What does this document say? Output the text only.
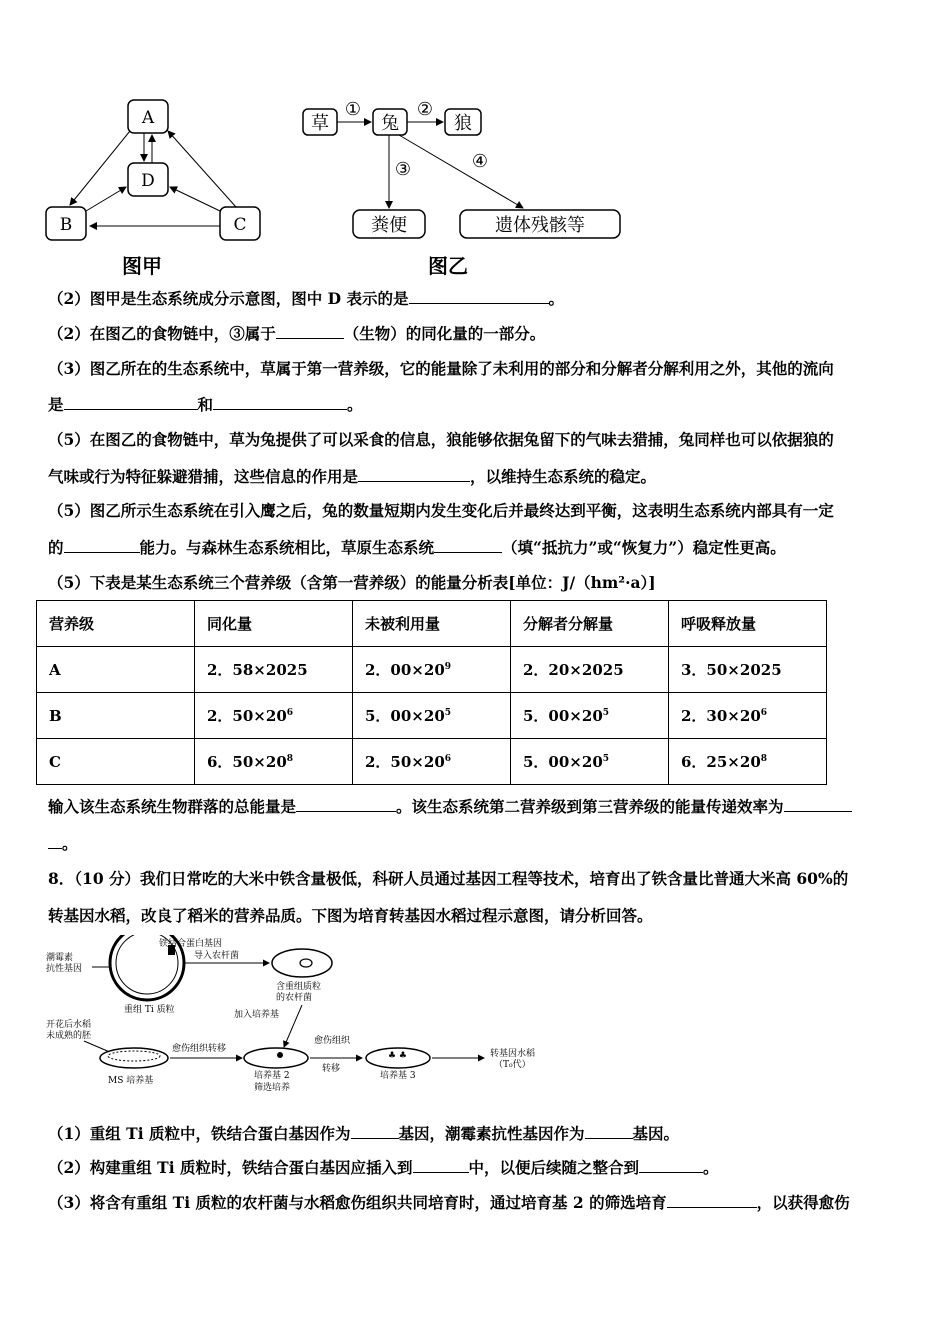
A
D
B	C
图甲
草	兔	狼
粪便	遗体残骸等
①	②
③	④
图乙
（2）图甲是生态系统成分示意图，图中 D 表示的是	。
（2）在图乙的食物链中，③属于	（生物）的同化量的一部分。
（3）图乙所在的生态系统中，草属于第一营养级，它的能量除了未利用的部分和分解者分解利用之外，其他的流向
是	和	。
（5）在图乙的食物链中，草为兔提供了可以采食的信息，狼能够依据兔留下的气味去猎捕，兔同样也可以依据狼的
气味或行为特征躲避猎捕，这些信息的作用是	，以维持生态系统的稳定。
（5）图乙所示生态系统在引入鹰之后，兔的数量短期内发生变化后并最终达到平衡，这表明生态系统内部具有一定
的	能力。与森林生态系统相比，草原生态系统	（填“抵抗力”或“恢复力”）稳定性更高。
（5）下表是某生态系统三个营养级（含第一营养级）的能量分析表[单位：J/（hm²·a）]
营养级	同化量	未被利用量	分解者分解量	呼吸释放量
A	2．58×2025	2．$00\times 20^9$	2．20×2025	3．50×2025
B	2．$50\times 20^6$	5．$00\times 20^5$	5．$00\times 20^5$	2．$30\times 20^6$
C	6．$50\times 20^8$	2．$50\times 20^6$	5．$00\times 20^5$	6．$25\times 20^8$
输入该生态系统生物群落的总能量是	。该生态系统第二营养级到第三营养级的能量传递效率为
。
8．（10 分）我们日常吃的大米中铁含量极低，科研人员通过基因工程等技术，培育出了铁含量比普通大米高 60%的
转基因水稻，改良了稻米的营养品质。下图为培育转基因水稻过程示意图，请分析回答。
铁结合蛋白基因
潮霉素
抗性基因
重组 Ti 质粒
导入农杆菌
含重组质粒
的农杆菌
开花后水稻
未成熟的胚
MS 培养基
愈伤组织转移
加入培养基
培养基 2
筛选培养
愈伤组织
转移
♣ ♣
培养基 3
转基因水稻
（T₀代）
（1）重组 Ti 质粒中，铁结合蛋白基因作为	基因，潮霉素抗性基因作为	基因。
（2）构建重组 Ti 质粒时，铁结合蛋白基因应插入到	中，以便后续随之整合到	。
（3）将含有重组 Ti 质粒的农杆菌与水稻愈伤组织共同培育时，通过培育基 2 的筛选培育	，以获得愈伤
